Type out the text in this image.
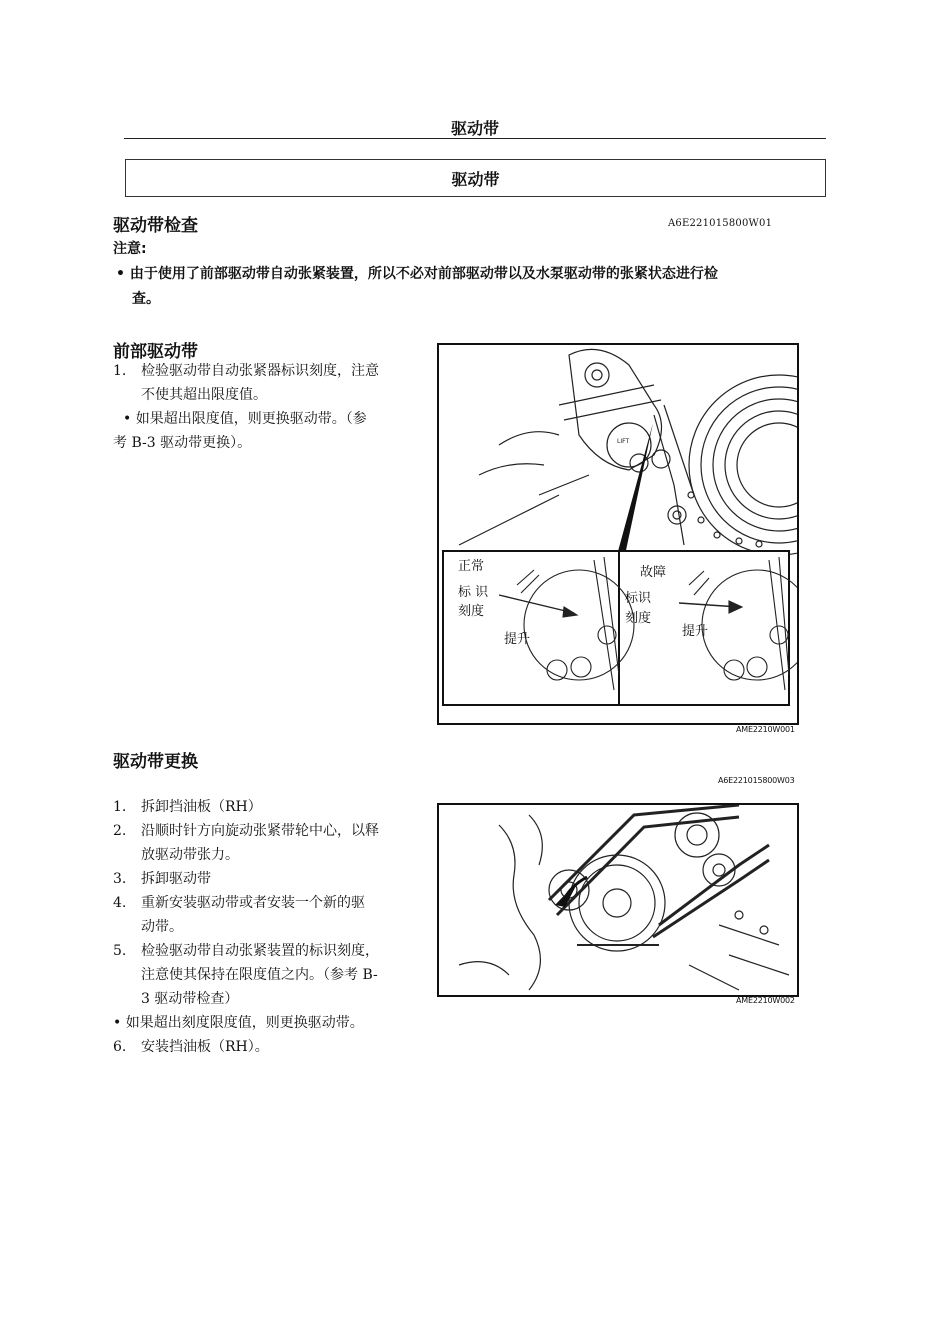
驱动带
驱动带
驱动带检查	A6E221015800W01
注意:
• 由于使用了前部驱动带自动张紧装置，所以不必对前部驱动带以及水泵驱动带的张紧状态进行检
查。
前部驱动带
1. 检验驱动带自动张紧器标识刻度，注意
不使其超出限度值。
• 如果超出限度值，则更换驱动带。（参
考 B-3 驱动带更换）。	LIFT
正常
标 识
刻度
提升
故障
标识
刻度
提升
AME2210W001
驱动带更换
A6E221015800W03
1. 拆卸挡油板（RH）
2. 沿顺时针方向旋动张紧带轮中心，以释
放驱动带张力。
3. 拆卸驱动带
4. 重新安装驱动带或者安装一个新的驱
动带。
5. 检验驱动带自动张紧装置的标识刻度，
注意使其保持在限度值之内。（参考 B-
3 驱动带检查）
• 如果超出刻度限度值，则更换驱动带。
6. 安装挡油板（RH）。
AME2210W002
